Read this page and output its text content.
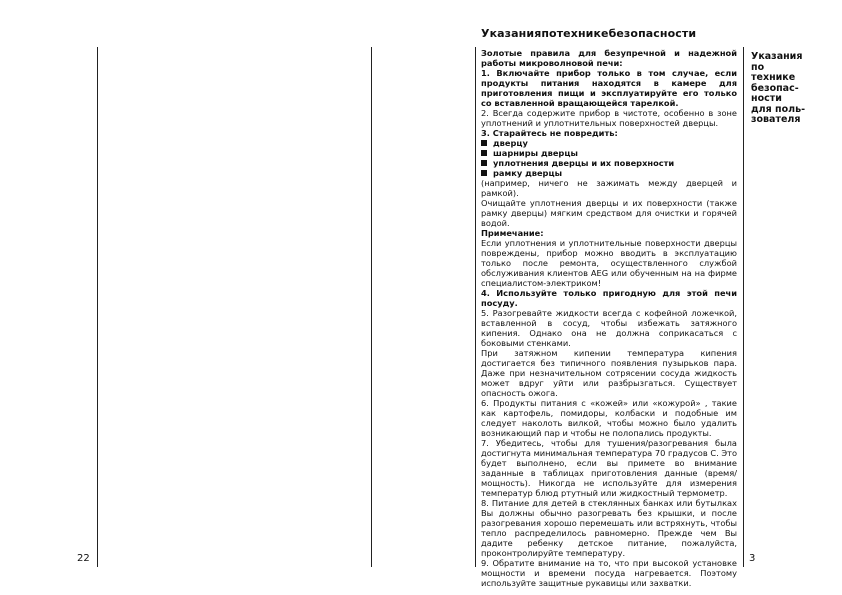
22	3
Указанияпотехникебезопасности
Указания
по
технике
безопас-
ности
для поль-
зователя

Золотые правила для безупречной и надежной работы микроволновой печи:

1. Включайте прибор только в том случае, если продукты питания находятся в камере для приготовления пищи и эксплуатируйте его только со вставленной вращающейся тарелкой.

2. Всегда содержите прибор в чистоте, особенно в зоне уплотнений и уплотнительных поверхностей дверцы.

3. Старайтесь не повредить:

дверцу

шарниры дверцы

уплотнения дверцы и их поверхности

рамку дверцы

(например, ничего не зажимать между дверцей и рамкой).

Очищайте уплотнения дверцы и их поверхности (также рамку дверцы) мягким средством для очистки и горячей водой.

Примечание:

Если уплотнения и уплотнительные поверхности дверцы повреждены, прибор можно вводить в эксплуатацию только после ремонта, осуществленного службой обслуживания клиентов AEG или обученным на на фирме специалистом-электриком!

4. Используйте только пригодную для этой печи посуду.

5. Разогревайте жидкости всегда с кофейной ложечкой, вставленной в сосуд, чтобы избежать затяжного кипения. Однако она не должна соприкасаться с боковыми стенками.

При затяжном кипении температура кипения достигается без типичного появления пузырьков пара. Даже при незначительном сотрясении сосуда жидкость может вдруг уйти или разбрызгаться. Существует опасность ожога.

6. Продукты питания с «кожей» или «кожурой» , такие как картофель, помидоры, колбаски и подобные им следует наколоть вилкой, чтобы можно было удалить возникающий пар и чтобы не полопались продукты.

7. Убедитесь, чтобы для тушения/разогревания была достигнута минимальная температура 70 градусов С. Это будет выполнено, если вы примете во внимание заданные в таблицах приготовления данные (время/мощность). Никогда не используйте для измерения температур блюд ртутный или жидкостный термометр.

8. Питание для детей в стеклянных банках или бутылках Вы должны обычно разогревать без крышки, и после разогревания хорошо перемешать или встряхнуть, чтобы тепло распределилось равномерно. Прежде чем Вы дадите ребенку детское питание, пожалуйста, проконтролируйте температуру.

9. Обратите внимание на то, что при высокой установке мощности и времени посуда нагревается. Поэтому используйте защитные рукавицы или захватки.
